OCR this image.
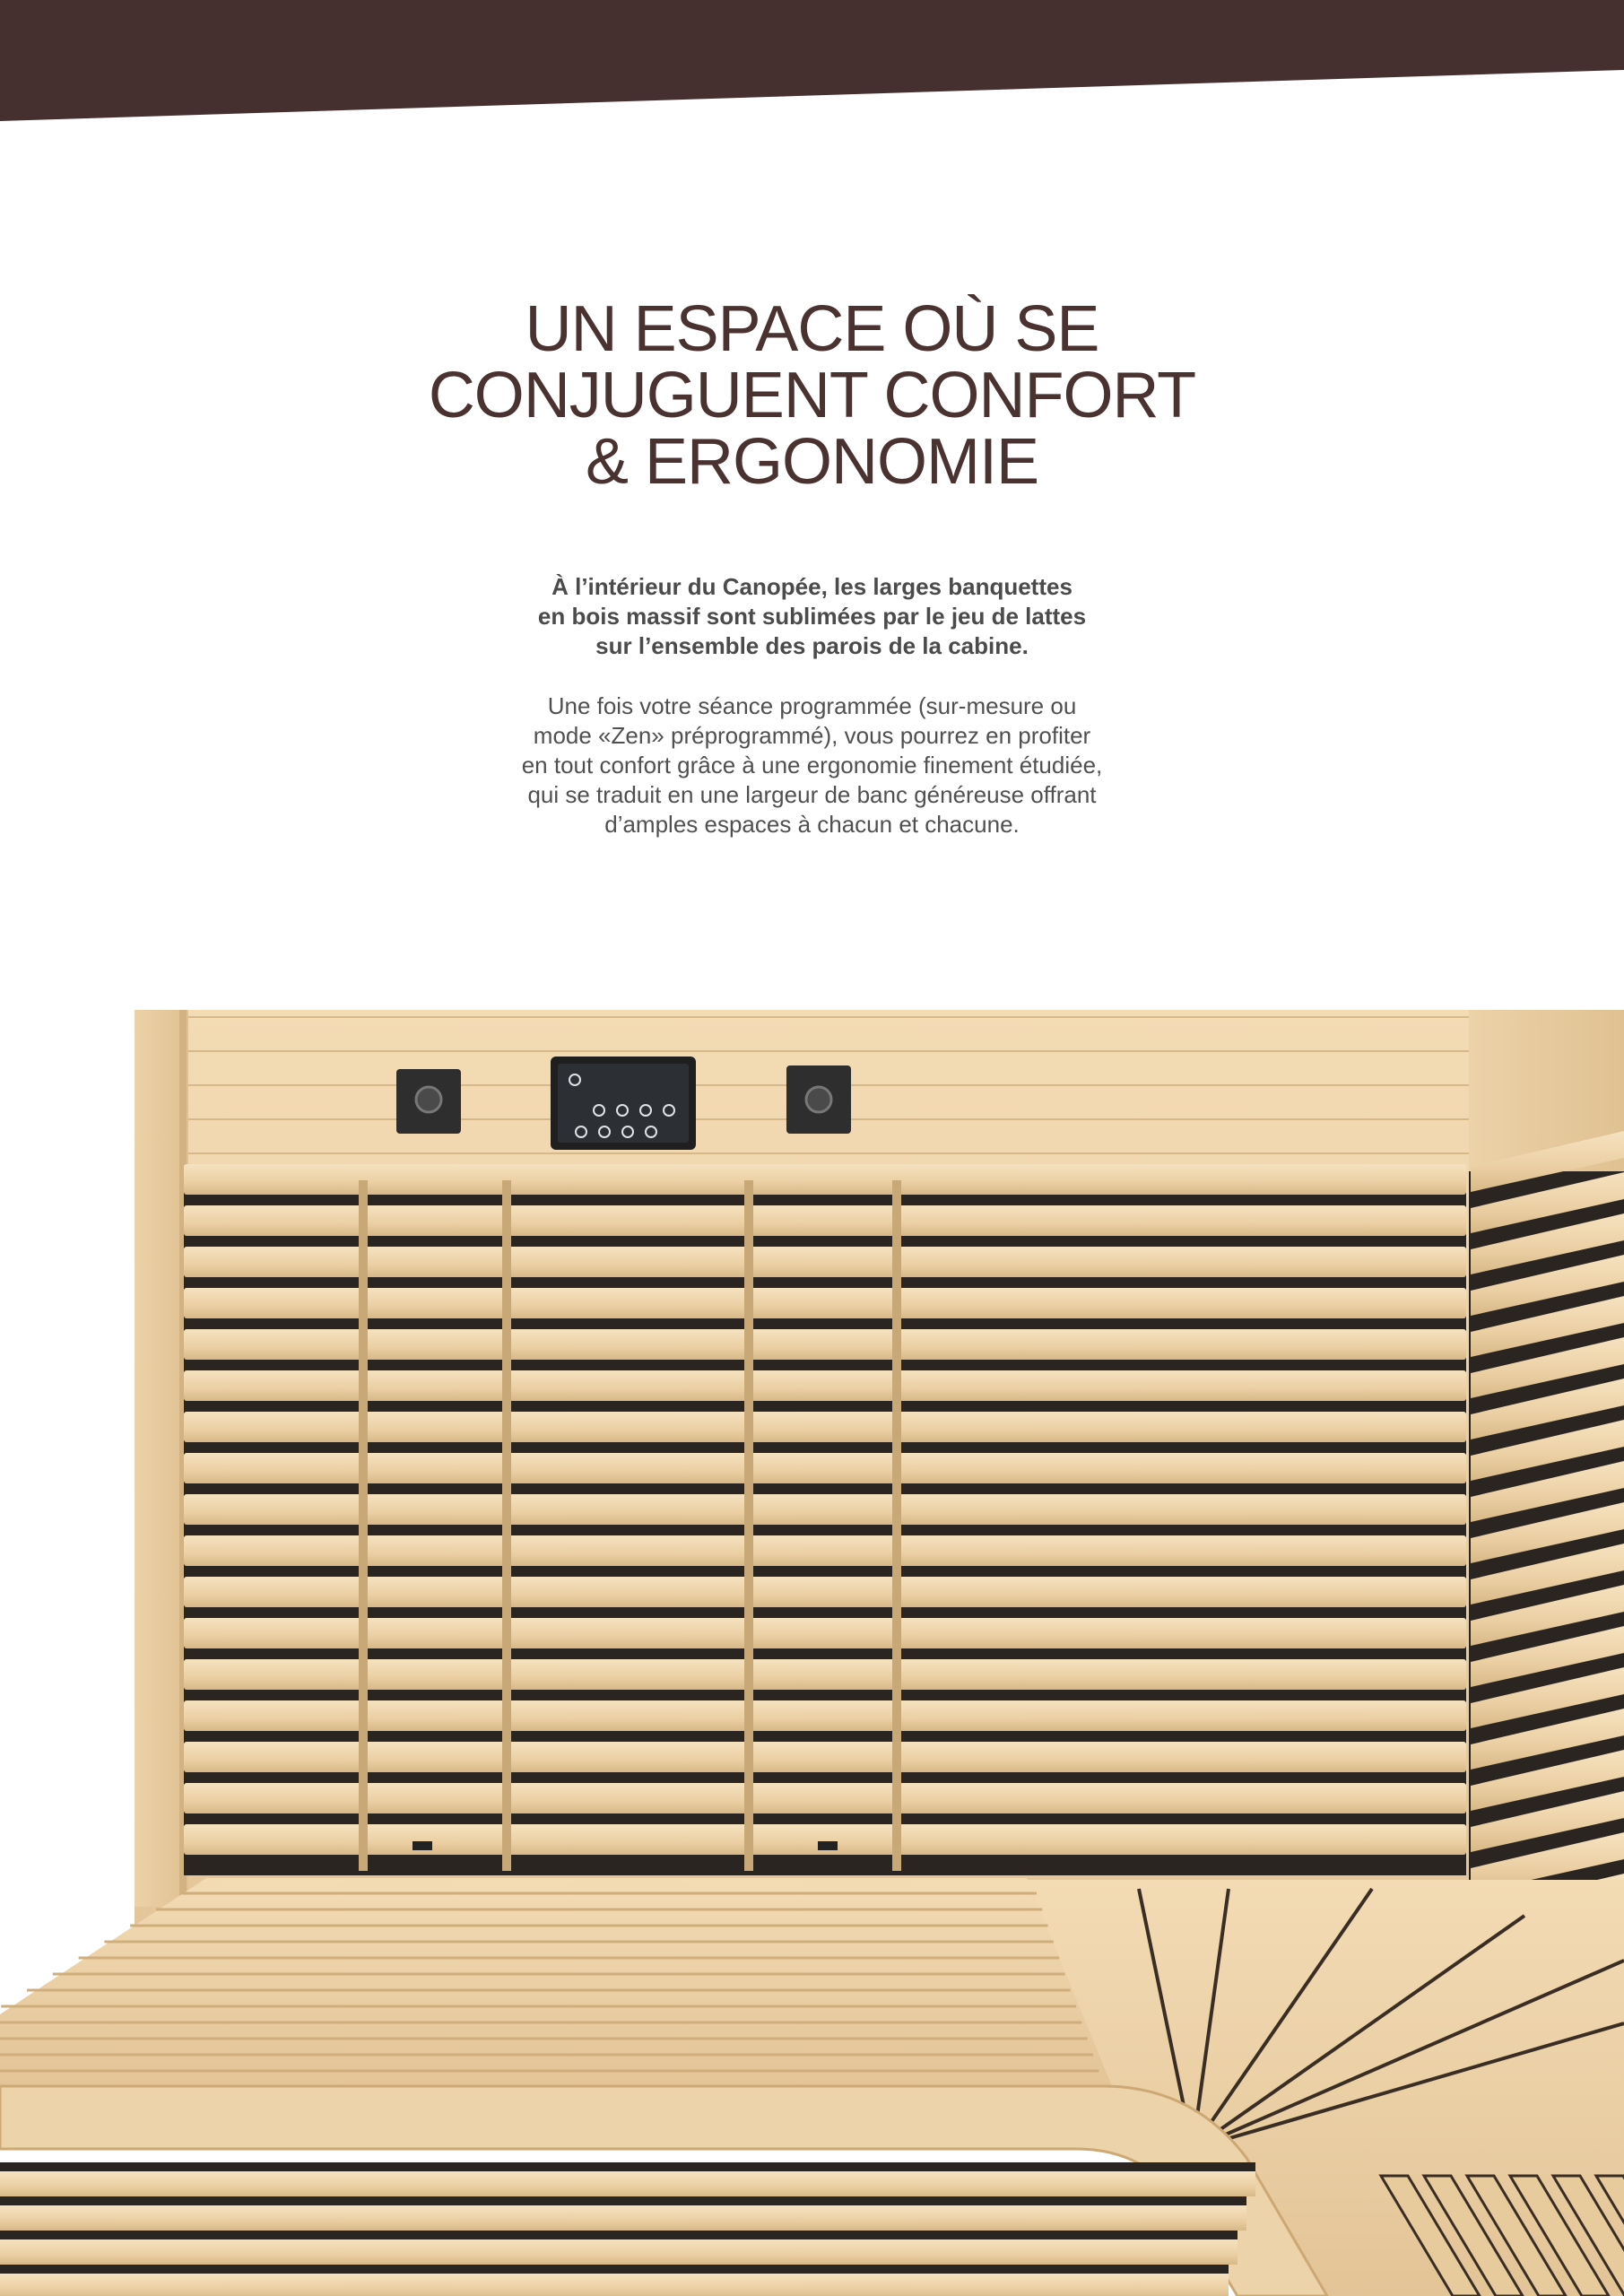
UN ESPACE OÙ SE
CONJUGUENT CONFORT
& ERGONOMIE

À l’intérieur du Canopée, les larges banquettes
en bois massif sont sublimées par le jeu de lattes
sur l’ensemble des parois de la cabine.

Une fois votre séance programmée (sur-mesure ou
mode «Zen» préprogrammé), vous pourrez en profiter
en tout confort grâce à une ergonomie finement étudiée,
qui se traduit en une largeur de banc généreuse offrant
d’amples espaces à chacun et chacune.
